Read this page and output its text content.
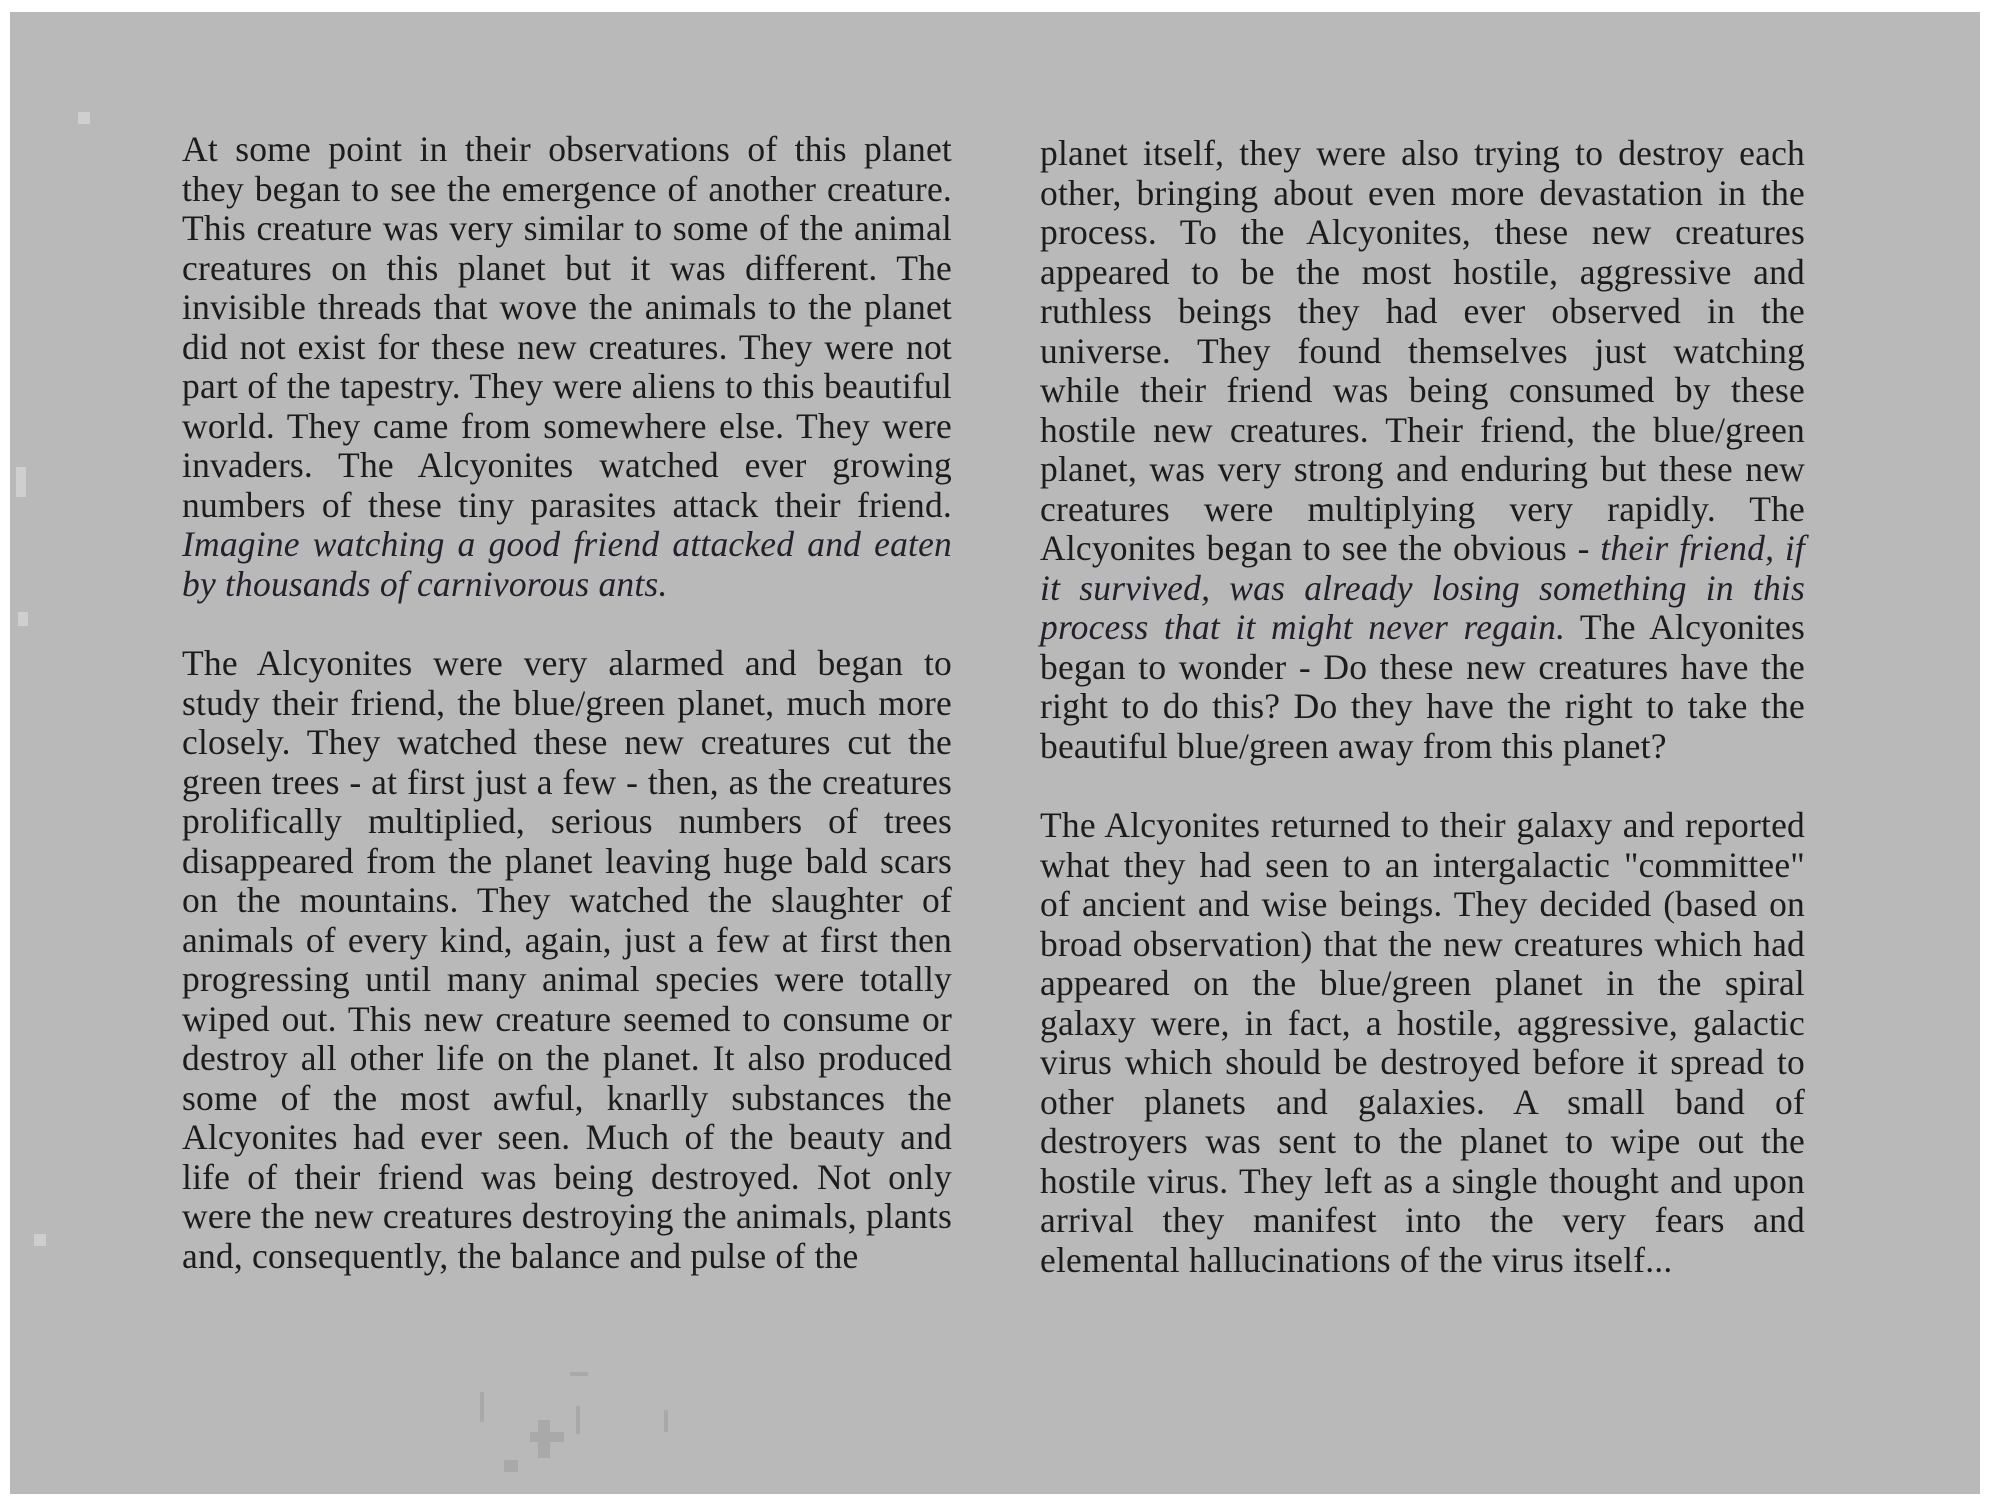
At some point in their observations of this planet they began to see the emergence of another creature. This creature was very similar to some of the animal creatures on this planet but it was different. The invisible threads that wove the animals to the planet did not exist for these new creatures. They were not part of the tapestry. They were aliens to this beautiful world. They came from somewhere else. They were invaders. The Alcyonites watched ever growing numbers of these tiny parasites attack their friend. Imagine watching a good friend attacked and eaten by thousands of carnivorous ants.

The Alcyonites were very alarmed and began to study their friend, the blue/green planet, much more closely. They watched these new creatures cut the green trees - at first just a few - then, as the creatures prolifically multiplied, serious numbers of trees disappeared from the planet leaving huge bald scars on the mountains. They watched the slaughter of animals of every kind, again, just a few at first then progressing until many animal species were totally wiped out. This new creature seemed to consume or destroy all other life on the planet. It also produced some of the most awful, knarlly substances the Alcyonites had ever seen. Much of the beauty and life of their friend was being destroyed. Not only were the new creatures destroying the animals, plants and, consequently, the balance and pulse of the

planet itself, they were also trying to destroy each other, bringing about even more devastation in the process. To the Alcyonites, these new creatures appeared to be the most hostile, aggressive and ruthless beings they had ever observed in the universe. They found themselves just watching while their friend was being consumed by these hostile new creatures. Their friend, the blue/green planet, was very strong and enduring but these new creatures were multiplying very rapidly. The Alcyonites began to see the obvious - their friend, if it survived, was already losing something in this process that it might never regain. The Alcyonites began to wonder - Do these new creatures have the right to do this? Do they have the right to take the beautiful blue/green away from this planet?

The Alcyonites returned to their galaxy and reported what they had seen to an intergalactic "committee" of ancient and wise beings. They decided (based on broad observation) that the new creatures which had appeared on the blue/green planet in the spiral galaxy were, in fact, a hostile, aggressive, galactic virus which should be destroyed before it spread to other planets and galaxies. A small band of destroyers was sent to the planet to wipe out the hostile virus. They left as a single thought and upon arrival they manifest into the very fears and elemental hallucinations of the virus itself...
